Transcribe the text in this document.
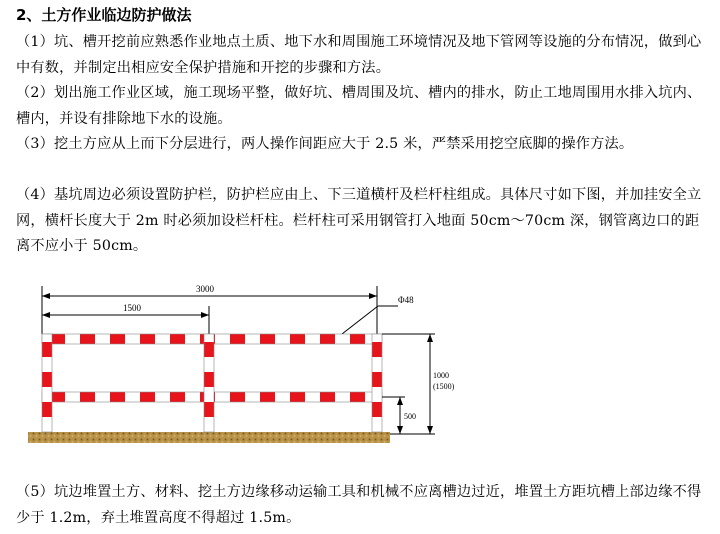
2、土方作业临边防护做法
（1）坑、槽开挖前应熟悉作业地点土质、地下水和周围施工环境情况及地下管网等设施的分布情况，做到心中有数，并制定出相应安全保护措施和开挖的步骤和方法。
（2）划出施工作业区域，施工现场平整，做好坑、槽周围及坑、槽内的排水，防止工地周围用水排入坑内、槽内，并设有排除地下水的设施。
（3）挖土方应从上而下分层进行，两人操作间距应大于 2.5 米，严禁采用挖空底脚的操作方法。
（4）基坑周边必须设置防护栏，防护栏应由上、下三道横杆及栏杆柱组成。具体尺寸如下图，并加挂安全立网，横杆长度大于 2m 时必须加设栏杆柱。栏杆柱可采用钢管打入地面 50cm～70cm 深，钢管离边口的距离不应小于 50cm。
3000
1500
Φ48
1000
(1500)
500
（5）坑边堆置土方、材料、挖土方边缘移动运输工具和机械不应离槽边过近，堆置土方距坑槽上部边缘不得少于 1.2m，弃土堆置高度不得超过 1.5m。
